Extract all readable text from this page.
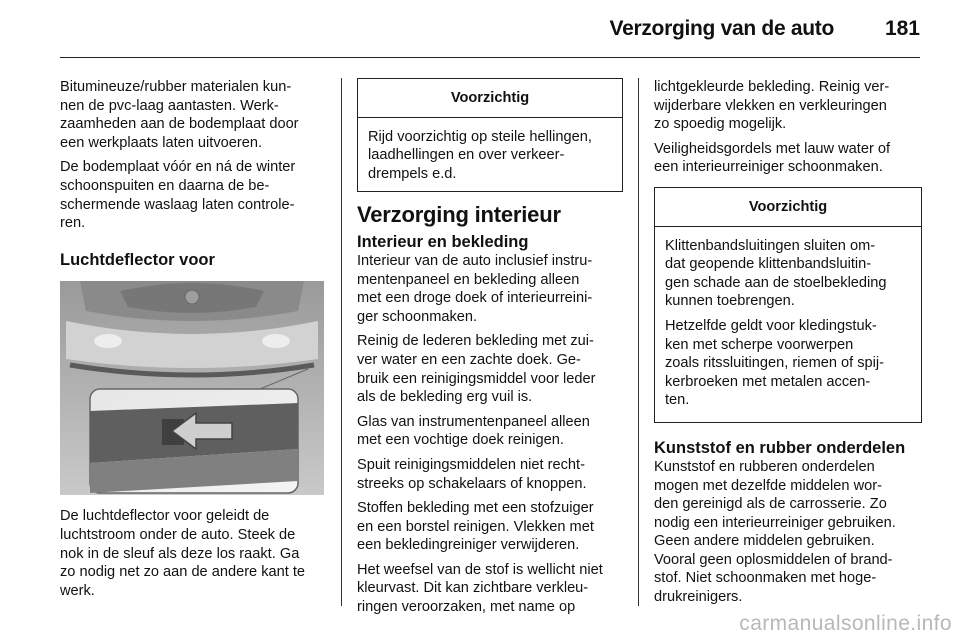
Verzorging van de auto 181

Bitumineuze/rubber materialen kun-
nen de pvc-laag aantasten. Werk-
zaamheden aan de bodemplaat door
een werkplaats laten uitvoeren.

De bodemplaat vóór en ná de winter
schoonspuiten en daarna de be-
schermende waslaag laten controle-
ren.

Luchtdeflector voor

De luchtdeflector voor geleidt de
luchtstroom onder de auto. Steek de
nok in de sleuf als deze los raakt. Ga
zo nodig net zo aan de andere kant te
werk.

Voorzichtig

Rijd voorzichtig op steile hellingen,
laadhellingen en over verkeer-
drempels e.d.

Verzorging interieur
Interieur en bekleding

Interieur van de auto inclusief instru-
mentenpaneel en bekleding alleen
met een droge doek of interieurreini-
ger schoonmaken.

Reinig de lederen bekleding met zui-
ver water en een zachte doek. Ge-
bruik een reinigingsmiddel voor leder
als de bekleding erg vuil is.

Glas van instrumentenpaneel alleen
met een vochtige doek reinigen.

Spuit reinigingsmiddelen niet recht-
streeks op schakelaars of knoppen.

Stoffen bekleding met een stofzuiger
en een borstel reinigen. Vlekken met
een bekledingreiniger verwijderen.

Het weefsel van de stof is wellicht niet
kleurvast. Dit kan zichtbare verkleu-
ringen veroorzaken, met name op

lichtgekleurde bekleding. Reinig ver-
wijderbare vlekken en verkleuringen
zo spoedig mogelijk.

Veiligheidsgordels met lauw water of
een interieurreiniger schoonmaken.

Voorzichtig

Klittenbandsluitingen sluiten om-
dat geopende klittenbandsluitin-
gen schade aan de stoelbekleding
kunnen toebrengen.

Hetzelfde geldt voor kledingstuk-
ken met scherpe voorwerpen
zoals ritssluitingen, riemen of spij-
kerbroeken met metalen accen-
ten.

Kunststof en rubber onderdelen

Kunststof en rubberen onderdelen
mogen met dezelfde middelen wor-
den gereinigd als de carrosserie. Zo
nodig een interieurreiniger gebruiken.
Geen andere middelen gebruiken.
Vooral geen oplosmiddelen of brand-
stof. Niet schoonmaken met hoge-
drukreinigers.

carmanualsonline.info
